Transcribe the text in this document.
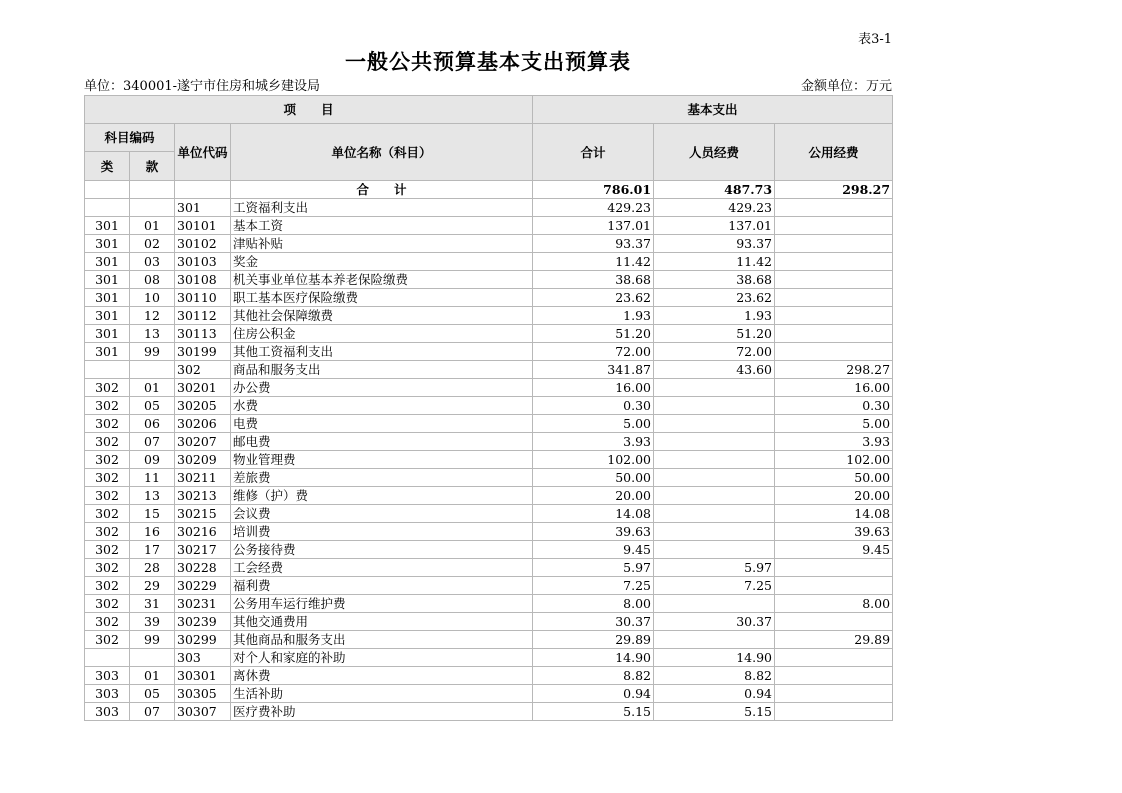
表3-1
一般公共预算基本支出预算表
单位：340001-遂宁市住房和城乡建设局	金额单位：万元
项　　目				基本支出		
科目编码		单位代码	单位名称（科目）	合计	人员经费	公用经费
类	款					
			合　　计	786.01	487.73	298.27
		301	工资福利支出	429.23	429.23	
301	01	30101	基本工资	137.01	137.01	
301	02	30102	津贴补贴	93.37	93.37	
301	03	30103	奖金	11.42	11.42	
301	08	30108	机关事业单位基本养老保险缴费	38.68	38.68	
301	10	30110	职工基本医疗保险缴费	23.62	23.62	
301	12	30112	其他社会保障缴费	1.93	1.93	
301	13	30113	住房公积金	51.20	51.20	
301	99	30199	其他工资福利支出	72.00	72.00	
		302	商品和服务支出	341.87	43.60	298.27
302	01	30201	办公费	16.00		16.00
302	05	30205	水费	0.30		0.30
302	06	30206	电费	5.00		5.00
302	07	30207	邮电费	3.93		3.93
302	09	30209	物业管理费	102.00		102.00
302	11	30211	差旅费	50.00		50.00
302	13	30213	维修（护）费	20.00		20.00
302	15	30215	会议费	14.08		14.08
302	16	30216	培训费	39.63		39.63
302	17	30217	公务接待费	9.45		9.45
302	28	30228	工会经费	5.97	5.97	
302	29	30229	福利费	7.25	7.25	
302	31	30231	公务用车运行维护费	8.00		8.00
302	39	30239	其他交通费用	30.37	30.37	
302	99	30299	其他商品和服务支出	29.89		29.89
		303	对个人和家庭的补助	14.90	14.90	
303	01	30301	离休费	8.82	8.82	
303	05	30305	生活补助	0.94	0.94	
303	07	30307	医疗费补助	5.15	5.15	
